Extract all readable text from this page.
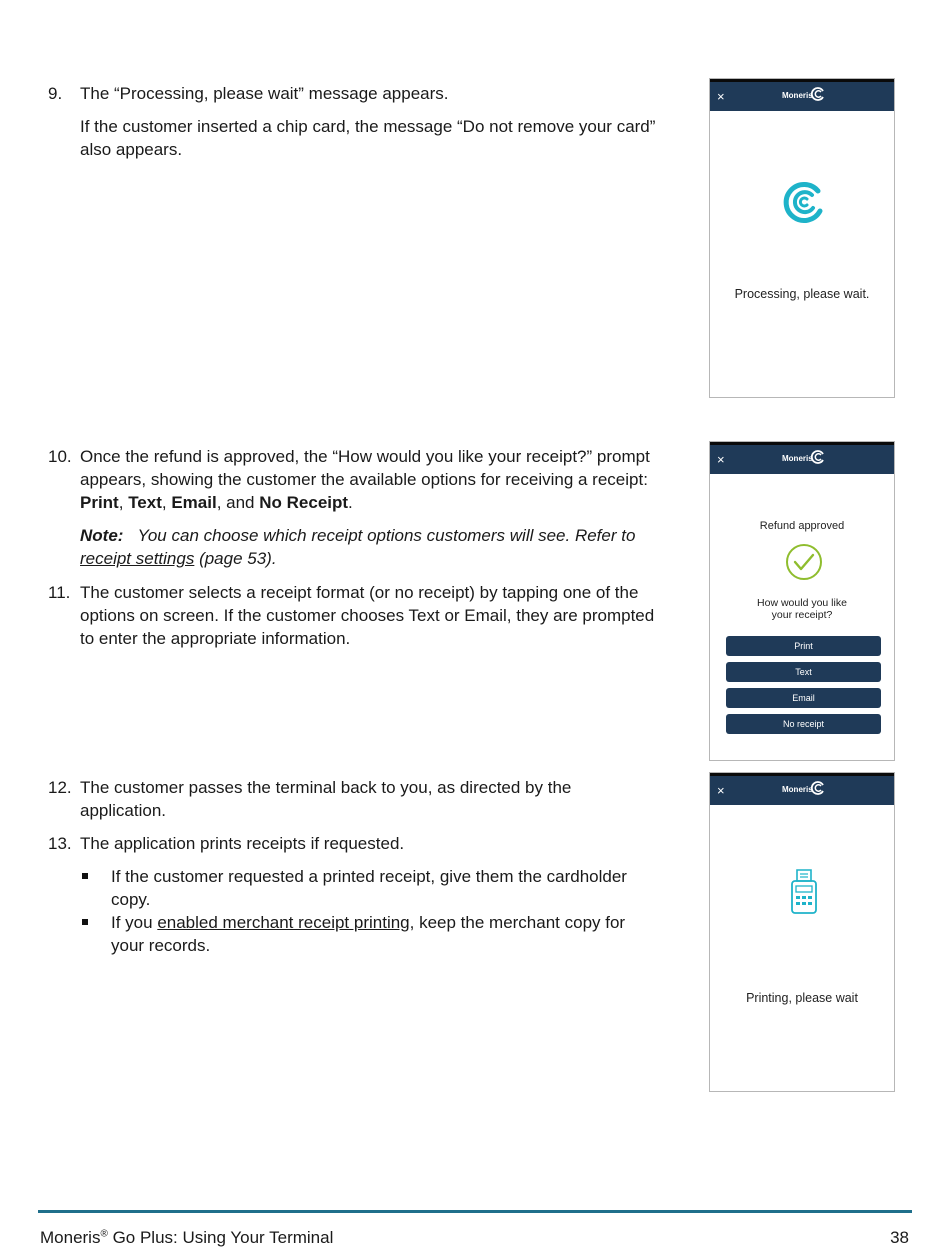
9.	The “Processing, please wait” message appears.
If the customer inserted a chip card, the message “Do not remove your card” also appears.
10. Once the refund is approved, the “How would you like your receipt?” prompt appears, showing the customer the available options for receiving a receipt: Print, Text, Email, and No Receipt.
Note: You can choose which receipt options customers will see. Refer to receipt settings (page 53).
11. The customer selects a receipt format (or no receipt) by tapping one of the options on screen. If the customer chooses Text or Email, they are prompted to enter the appropriate information.
12. The customer passes the terminal back to you, as directed by the application.
13. The application prints receipts if requested.
If the customer requested a printed receipt, give them the cardholder copy.
If you enabled merchant receipt printing, keep the merchant copy for your records.
×	Moneris
Processing, please wait.
×	Moneris
Refund approved
How would you like
your receipt?
Print
Text
Email
No receipt
×	Moneris
Printing, please wait
Moneris® Go Plus: Using Your Terminal	38
